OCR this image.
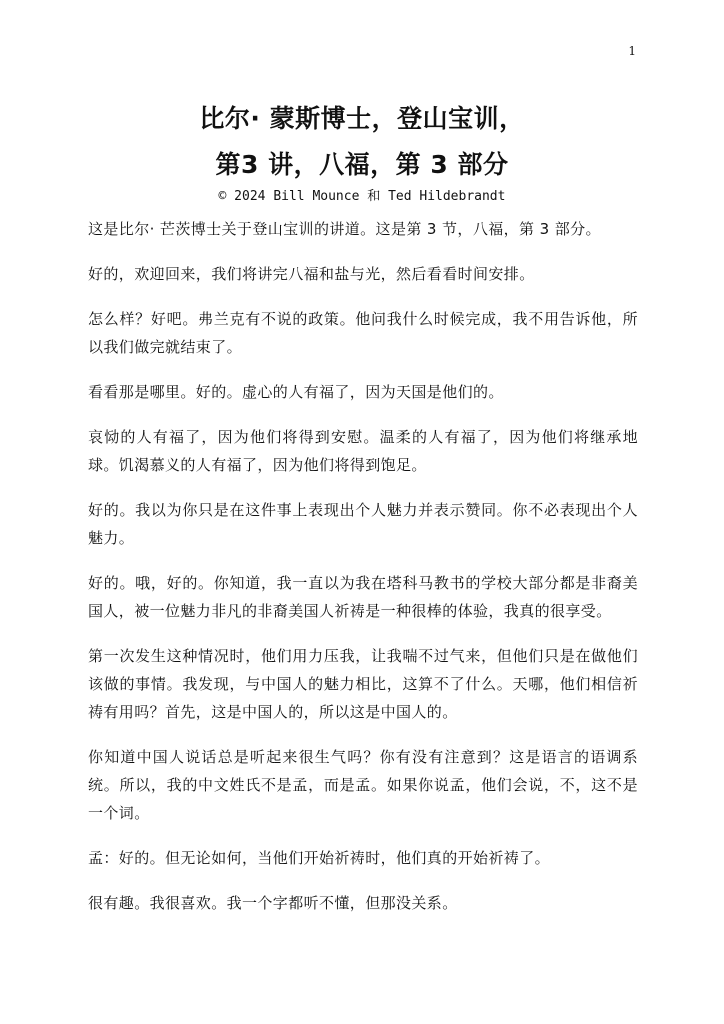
1
比尔· 蒙斯博士，登山宝训，
第3 讲，八福，第 3 部分
© 2024 Bill Mounce 和 Ted Hildebrandt

这是比尔· 芒茨博士关于登山宝训的讲道。这是第 3 节，八福，第 3 部分。

好的，欢迎回来，我们将讲完八福和盐与光，然后看看时间安排。

怎么样？好吧。弗兰克有不说的政策。他问我什么时候完成，我不用告诉他，所以我们做完就结束了。

看看那是哪里。好的。虚心的人有福了，因为天国是他们的。

哀恸的人有福了，因为他们将得到安慰。温柔的人有福了，因为他们将继承地球。饥渴慕义的人有福了，因为他们将得到饱足。

好的。我以为你只是在这件事上表现出个人魅力并表示赞同。你不必表现出个人魅力。

好的。哦，好的。你知道，我一直以为我在塔科马教书的学校大部分都是非裔美国人，被一位魅力非凡的非裔美国人祈祷是一种很棒的体验，我真的很享受。

第一次发生这种情况时，他们用力压我，让我喘不过气来，但他们只是在做他们该做的事情。我发现，与中国人的魅力相比，这算不了什么。天哪，他们相信祈祷有用吗？首先，这是中国人的，所以这是中国人的。

你知道中国人说话总是听起来很生气吗？你有没有注意到？这是语言的语调系统。所以，我的中文姓氏不是孟，而是孟。如果你说孟，他们会说，不，这不是一个词。

孟：好的。但无论如何，当他们开始祈祷时，他们真的开始祈祷了。

很有趣。我很喜欢。我一个字都听不懂，但那没关系。
